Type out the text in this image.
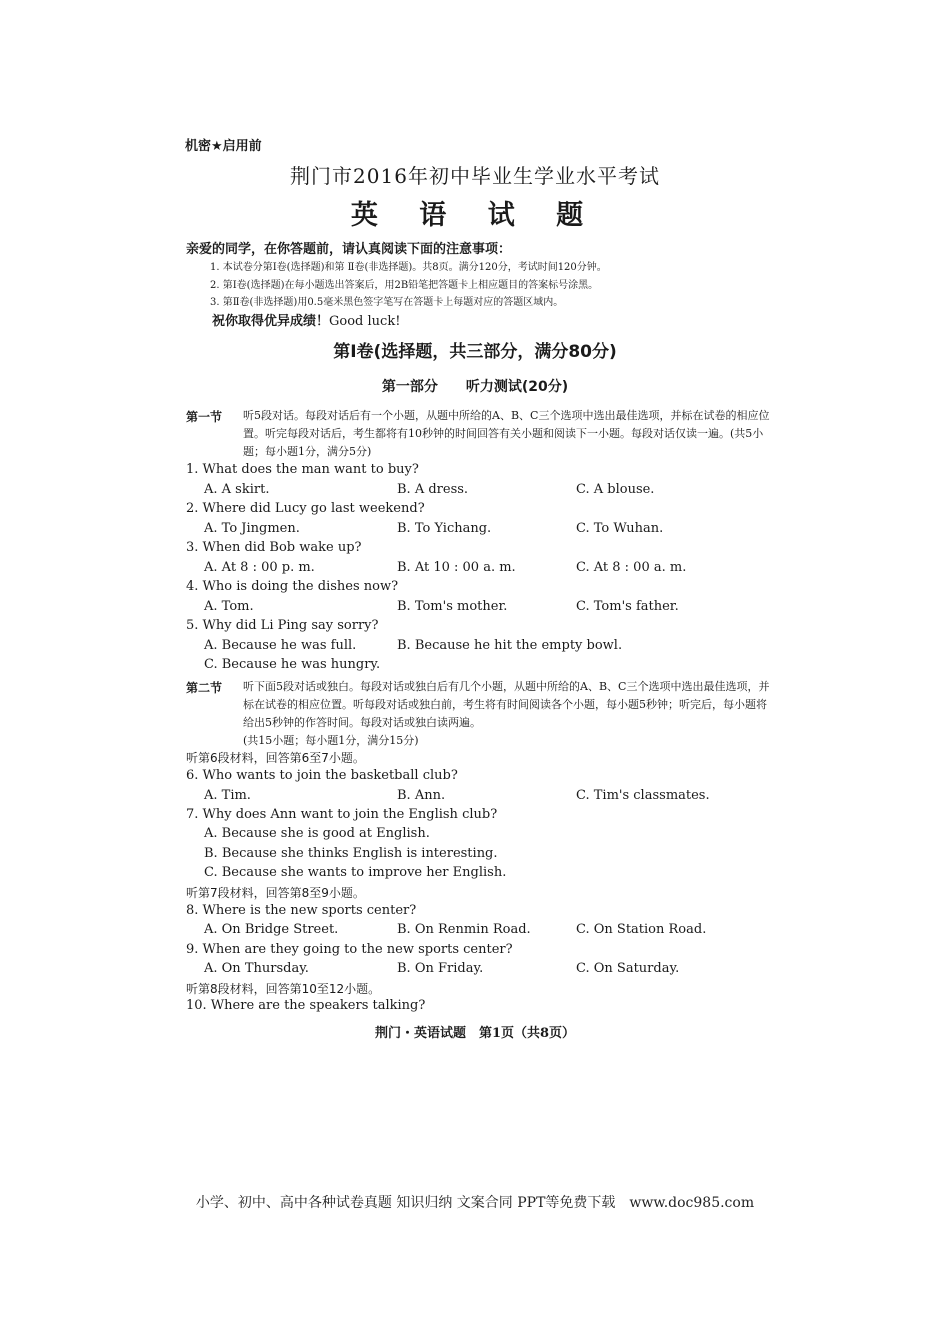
机密★启用前
荆门市2016年初中毕业生学业水平考试
英 语 试 题
亲爱的同学，在你答题前，请认真阅读下面的注意事项：
1. 本试卷分第Ⅰ卷(选择题)和第 Ⅱ卷(非选择题)。共8页。满分120分，考试时间120分钟。
2. 第Ⅰ卷(选择题)在每小题选出答案后，用2B铅笔把答题卡上相应题目的答案标号涂黑。
3. 第Ⅱ卷(非选择题)用0.5毫米黑色签字笔写在答题卡上每题对应的答题区域内。
祝你取得优异成绩！Good luck!
第Ⅰ卷(选择题，共三部分，满分80分)
第一部分　　听力测试(20分)
第一节 听5段对话。每段对话后有一个小题，从题中所给的A、B、C三个选项中选出最佳选项，并标在试卷的相应位置。听完每段对话后，考生都将有10秒钟的时间回答有关小题和阅读下一小题。每段对话仅读一遍。(共5小题；每小题1分，满分5分)
1. What does the man want to buy?
A. A skirt.	B. A dress.	C. A blouse.
2. Where did Lucy go last weekend?
A. To Jingmen.	B. To Yichang.	C. To Wuhan.
3. When did Bob wake up?
A. At 8 : 00 p. m.	B. At 10 : 00 a. m.	C. At 8 : 00 a. m.
4. Who is doing the dishes now?
A. Tom.	B. Tom's mother.	C. Tom's father.
5. Why did Li Ping say sorry?
A. Because he was full.	B. Because he hit the empty bowl.
C. Because he was hungry.
第二节 听下面5段对话或独白。每段对话或独白后有几个小题，从题中所给的A、B、C三个选项中选出最佳选项，并标在试卷的相应位置。听每段对话或独白前，考生将有时间阅读各个小题，每小题5秒钟；听完后，每小题将给出5秒钟的作答时间。每段对话或独白读两遍。
(共15小题；每小题1分，满分15分)
听第6段材料，回答第6至7小题。
6. Who wants to join the basketball club?
A. Tim.	B. Ann.	C. Tim's classmates.
7. Why does Ann want to join the English club?
A. Because she is good at English.
B. Because she thinks English is interesting.
C. Because she wants to improve her English.
听第7段材料，回答第8至9小题。
8. Where is the new sports center?
A. On Bridge Street.	B. On Renmin Road.	C. On Station Road.
9. When are they going to the new sports center?
A. On Thursday.	B. On Friday.	C. On Saturday.
听第8段材料，回答第10至12小题。
10. Where are the speakers talking?
荆门・英语试题　第1页（共8页）
小学、初中、高中各种试卷真题 知识归纳 文案合同 PPT等免费下载　www.doc985.com
